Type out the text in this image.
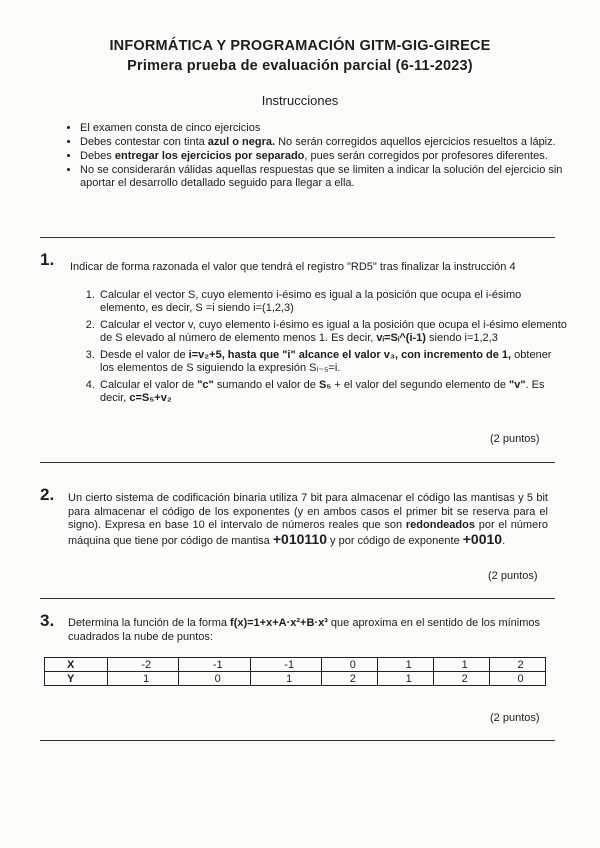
INFORMÁTICA Y PROGRAMACIÓN GITM-GIG-GIRECE
Primera prueba de evaluación parcial (6-11-2023)
Instrucciones
• El examen consta de cinco ejercicios
• Debes contestar con tinta azul o negra. No serán corregidos aquellos ejercicios resueltos a lápiz.
• Debes entregar los ejercicios por separado, pues serán corregidos por profesores diferentes.
• No se considerarán válidas aquellas respuestas que se limiten a indicar la solución del ejercicio sin aportar el desarrollo detallado seguido para llegar a ella.
1. Indicar de forma razonada el valor que tendrá el registro "RD5" tras finalizar la instrucción 4
1. Calcular el vector S, cuyo elemento i-ésimo es igual a la posición que ocupa el i-ésimo elemento, es decir, S =i siendo i=(1,2,3)
2. Calcular el vector v, cuyo elemento i-ésimo es igual a la posición que ocupa el i-ésimo elemento de S elevado al número de elemento menos 1. Es decir, vᵢ=Sᵢ^(i-1) siendo i=1,2,3
3. Desde el valor de i=v₂+5, hasta que "i" alcance el valor v₃, con incremento de 1, obtener los elementos de S siguiendo la expresión Sᵢ₋₅=i.
4. Calcular el valor de "c" sumando el valor de S₅ + el valor del segundo elemento de "v". Es decir, c=S₅+v₂
(2 puntos)
2. Un cierto sistema de codificación binaria utiliza 7 bit para almacenar el código las mantisas y 5 bit para almacenar el código de los exponentes (y en ambos casos el primer bit se reserva para el signo). Expresa en base 10 el intervalo de números reales que son redondeados por el número máquina que tiene por código de mantisa +010110 y por código de exponente +0010.
(2 puntos)
3. Determina la función de la forma f(x)=1+x+A·x²+B·x³ que aproxima en el sentido de los mínimos cuadrados la nube de puntos:
X	-2	-1	-1	0	1	1	2
Y	1	0	1	2	1	2	0
(2 puntos)
